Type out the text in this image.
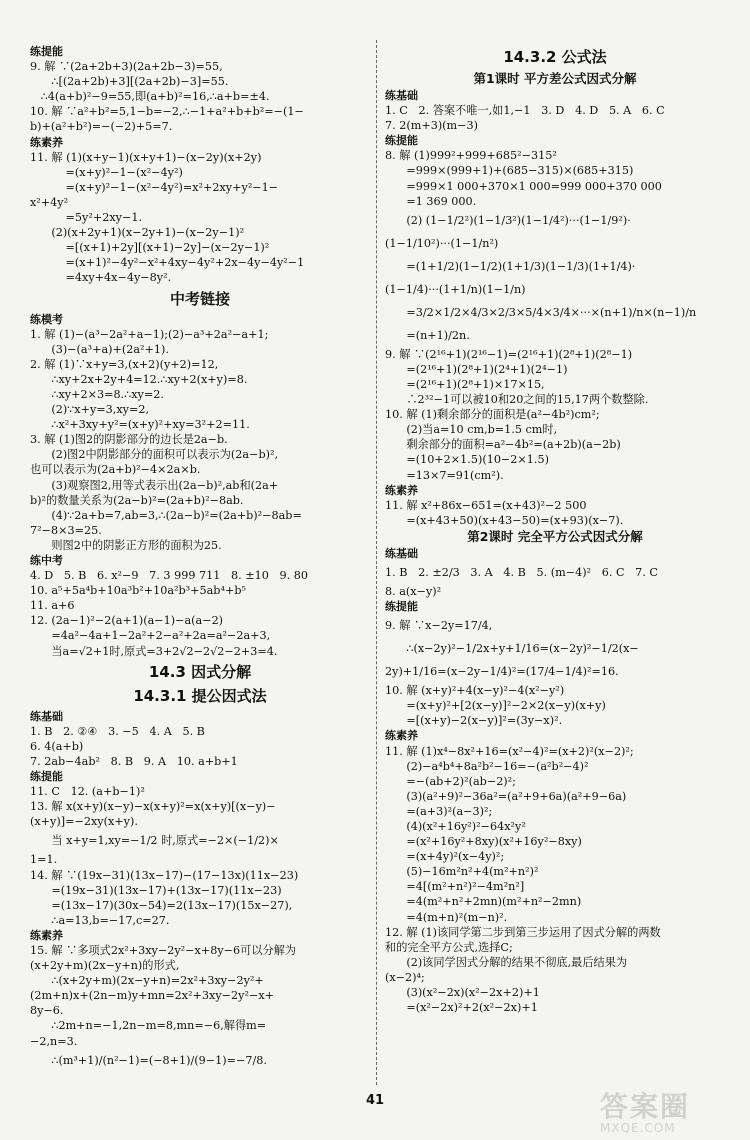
练提能
9. 解 ∵(2a+2b+3)(2a+2b−3)=55,
∴[(2a+2b)+3][(2a+2b)−3]=55.
∴4(a+b)²−9=55,即(a+b)²=16,∴a+b=±4.
10. 解 ∵a²+b²=5,1−b=−2,∴−1+a²+b+b²=−(1−
b)+(a²+b²)=−(−2)+5=7.
练素养
11. 解 (1)(x+y−1)(x+y+1)−(x−2y)(x+2y)
=(x+y)²−1−(x²−4y²)
=(x+y)²−1−(x²−4y²)=x²+2xy+y²−1−
x²+4y²
=5y²+2xy−1.
(2)(x+2y+1)(x−2y+1)−(x−2y−1)²
=[(x+1)+2y][(x+1)−2y]−(x−2y−1)²
=(x+1)²−4y²−x²+4xy−4y²+2x−4y−4y²−1
=4xy+4x−4y−8y².
中考链接
练模考
1. 解 (1)−(a³−2a²+a−1);(2)−a³+2a²−a+1;
(3)−(a³+a)+(2a²+1).
2. 解 (1)∵x+y=3,(x+2)(y+2)=12,
∴xy+2x+2y+4=12.∴xy+2(x+y)=8.
∴xy+2×3=8.∴xy=2.
(2)∵x+y=3,xy=2,
∴x²+3xy+y²=(x+y)²+xy=3²+2=11.
3. 解 (1)图2的阴影部分的边长是2a−b.
(2)图2中阴影部分的面积可以表示为(2a−b)²,
也可以表示为(2a+b)²−4×2a×b.
(3)观察图2,用等式表示出(2a−b)²,ab和(2a+
b)²的数量关系为(2a−b)²=(2a+b)²−8ab.
(4)∵2a+b=7,ab=3,∴(2a−b)²=(2a+b)²−8ab=
7²−8×3=25.
则图2中的阴影正方形的面积为25.
练中考
4. D   5. B   6. x²−9   7. 3 999 711   8. ±10   9. 80
10. a⁵+5a⁴b+10a³b²+10a²b³+5ab⁴+b⁵
11. a+6
12. (2a−1)²−2(a+1)(a−1)−a(a−2)
=4a²−4a+1−2a²+2−a²+2a=a²−2a+3,
当a=√2+1时,原式=3+2√2−2√2−2+3=4.
14.3 因式分解
14.3.1 提公因式法
练基础
1. B   2. ②④   3. −5   4. A   5. B
6. 4(a+b)
7. 2ab−4ab²   8. B   9. A   10. a+b+1
练提能
11. C   12. (a+b−1)²
13. 解 x(x+y)(x−y)−x(x+y)²=x(x+y)[(x−y)−
(x+y)]=−2xy(x+y).
当 x+y=1,xy=−1/2 时,原式=−2×(−1/2)×
1=1.
14. 解 ∵(19x−31)(13x−17)−(17−13x)(11x−23)
=(19x−31)(13x−17)+(13x−17)(11x−23)
=(13x−17)(30x−54)=2(13x−17)(15x−27),
∴a=13,b=−17,c=27.
练素养
15. 解 ∵多项式2x²+3xy−2y²−x+8y−6可以分解为
(x+2y+m)(2x−y+n)的形式,
∴(x+2y+m)(2x−y+n)=2x²+3xy−2y²+
(2m+n)x+(2n−m)y+mn=2x²+3xy−2y²−x+
8y−6.
∴2m+n=−1,2n−m=8,mn=−6,解得m=
−2,n=3.
∴(m³+1)/(n²−1)=(−8+1)/(9−1)=−7/8.
14.3.2 公式法
第1课时 平方差公式因式分解
练基础
1. C   2. 答案不唯一,如1,−1   3. D   4. D   5. A   6. C
7. 2(m+3)(m−3)
练提能
8. 解 (1)999²+999+685²−315²
=999×(999+1)+(685−315)×(685+315)
=999×1 000+370×1 000=999 000+370 000
=1 369 000.
(2) (1−1/2²)(1−1/3²)(1−1/4²)···(1−1/9²)·
(1−1/10²)···(1−1/n²)
=(1+1/2)(1−1/2)(1+1/3)(1−1/3)(1+1/4)·
(1−1/4)···(1+1/n)(1−1/n)
=3/2×1/2×4/3×2/3×5/4×3/4×···×(n+1)/n×(n−1)/n
=(n+1)/2n.
9. 解 ∵(2¹⁶+1)(2¹⁶−1)=(2¹⁶+1)(2⁸+1)(2⁸−1)
=(2¹⁶+1)(2⁸+1)(2⁴+1)(2⁴−1)
=(2¹⁶+1)(2⁸+1)×17×15,
∴2³²−1可以被10和20之间的15,17两个数整除.
10. 解 (1)剩余部分的面积是(a²−4b²)cm²;
(2)当a=10 cm,b=1.5 cm时,
剩余部分的面积=a²−4b²=(a+2b)(a−2b)
=(10+2×1.5)(10−2×1.5)
=13×7=91(cm²).
练素养
11. 解 x²+86x−651=(x+43)²−2 500
=(x+43+50)(x+43−50)=(x+93)(x−7).
第2课时 完全平方公式因式分解
练基础
1. B   2. ±2/3   3. A   4. B   5. (m−4)²   6. C   7. C
8. a(x−y)²
练提能
9. 解 ∵x−2y=17/4,
∴(x−2y)²−1/2x+y+1/16=(x−2y)²−1/2(x−
2y)+1/16=(x−2y−1/4)²=(17/4−1/4)²=16.
10. 解 (x+y)²+4(x−y)²−4(x²−y²)
=(x+y)²+[2(x−y)]²−2×2(x−y)(x+y)
=[(x+y)−2(x−y)]²=(3y−x)².
练素养
11. 解 (1)x⁴−8x²+16=(x²−4)²=(x+2)²(x−2)²;
(2)−a⁴b⁴+8a²b²−16=−(a²b²−4)²
=−(ab+2)²(ab−2)²;
(3)(a²+9)²−36a²=(a²+9+6a)(a²+9−6a)
=(a+3)²(a−3)²;
(4)(x²+16y²)²−64x²y²
=(x²+16y²+8xy)(x²+16y²−8xy)
=(x+4y)²(x−4y)²;
(5)−16m²n²+4(m²+n²)²
=4[(m²+n²)²−4m²n²]
=4(m²+n²+2mn)(m²+n²−2mn)
=4(m+n)²(m−n)².
12. 解 (1)该同学第二步到第三步运用了因式分解的两数
和的完全平方公式,选择C;
(2)该同学因式分解的结果不彻底,最后结果为
(x−2)⁴;
(3)(x²−2x)(x²−2x+2)+1
=(x²−2x)²+2(x²−2x)+1
41	答案圈
MXQE.COM
